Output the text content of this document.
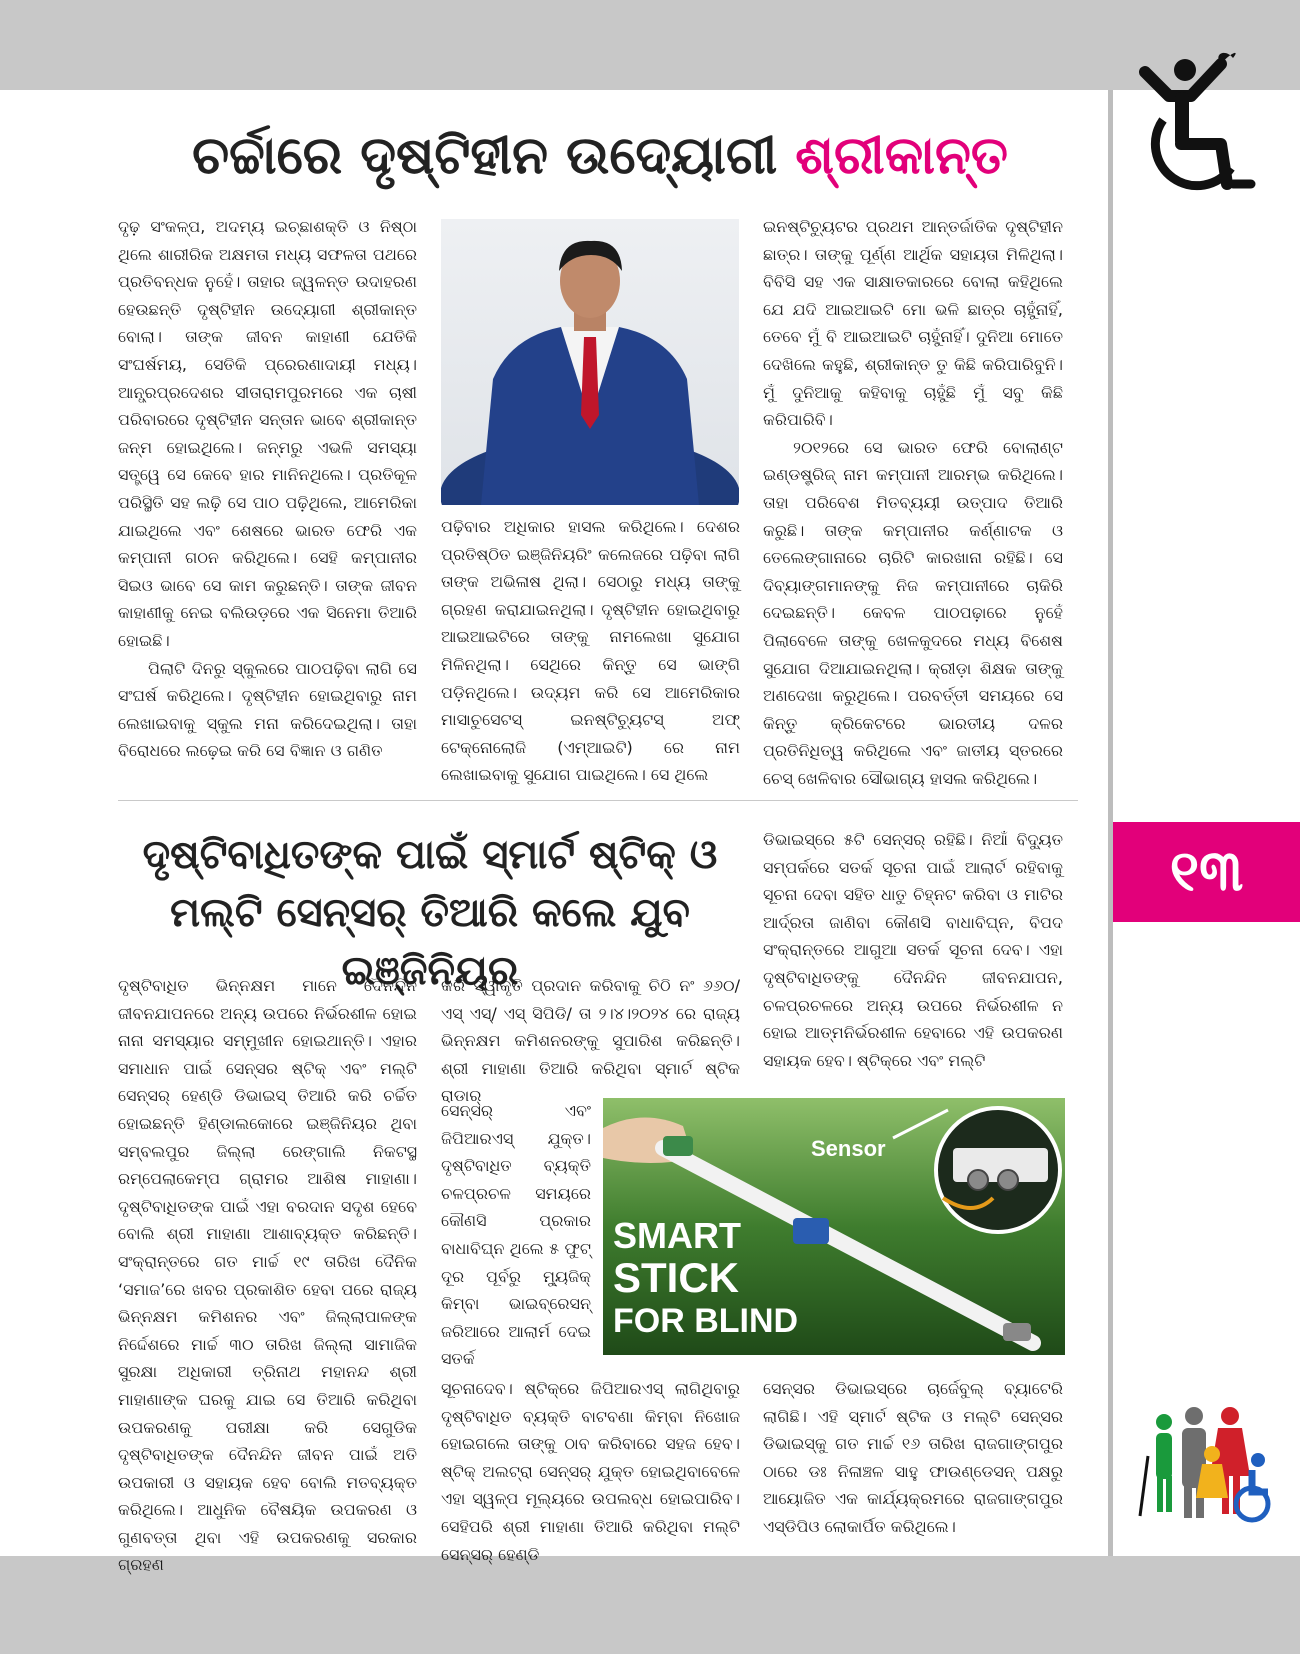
ଚର୍ଚ୍ଚାରେ ଦୃଷ୍ଟିହୀନ ଉଦ୍ୟୋଗୀ ଶ୍ରୀକାନ୍ତ

ଦୃଢ଼ ସଂକଳ୍ପ, ଅଦମ୍ୟ ଇଚ୍ଛାଶକ୍ତି ଓ ନିଷ୍ଠା ଥିଲେ ଶାରୀରିକ ଅକ୍ଷମତା ମଧ୍ୟ ସଫଳତା ପଥରେ ପ୍ରତିବନ୍ଧକ ନୁହେଁ। ତାହାର ଜ୍ୱଳନ୍ତ ଉଦାହରଣ ହେଉଛନ୍ତି ଦୃଷ୍ଟିହୀନ ଉଦ୍ୟୋଗୀ ଶ୍ରୀକାନ୍ତ ବୋଲା। ତାଙ୍କ ଜୀବନ କାହାଣୀ ଯେତିକି ସଂଘର୍ଷମୟ, ସେତିକି ପ୍ରେରଣାଦାୟୀ ମଧ୍ୟ। ଆନ୍ଧ୍ରପ୍ରଦେଶର ସୀତାରାମପୁରମରେ ଏକ ଚାଷୀ ପରିବାରରେ ଦୃଷ୍ଟିହୀନ ସନ୍ତାନ ଭାବେ ଶ୍ରୀକାନ୍ତ ଜନ୍ମ ହୋଇଥିଲେ। ଜନ୍ମରୁ ଏଭଳି ସମସ୍ୟା ସତ୍ତ୍ୱେ ସେ କେବେ ହାର ମାନିନଥିଲେ। ପ୍ରତିକୂଳ ପରିସ୍ଥିତି ସହ ଲଢ଼ି ସେ ପାଠ ପଢ଼ିଥିଲେ, ଆମେରିକା ଯାଇଥିଲେ ଏବଂ ଶେଷରେ ଭାରତ ଫେରି ଏକ କମ୍ପାନୀ ଗଠନ କରିଥିଲେ। ସେହି କମ୍ପାନୀର ସିଇଓ ଭାବେ ସେ କାମ କରୁଛନ୍ତି। ତାଙ୍କ ଜୀବନ କାହାଣୀକୁ ନେଇ ବଲିଉଡ଼ରେ ଏକ ସିନେମା ତିଆରି ହୋଇଛି।

ପିଲାଟି ଦିନରୁ ସ୍କୁଲରେ ପାଠପଢ଼ିବା ଲାଗି ସେ ସଂଘର୍ଷ କରିଥିଲେ। ଦୃଷ୍ଟିହୀନ ହୋଇଥିବାରୁ ନାମ ଲେଖାଇବାକୁ ସ୍କୁଲ ମନା କରିଦେଇଥିଲା। ତାହା ବିରୋଧରେ ଲଢ଼େଇ କରି ସେ ବିଜ୍ଞାନ ଓ ଗଣିତ

ପଢ଼ିବାର ଅଧିକାର ହାସଲ କରିଥିଲେ। ଦେଶର ପ୍ରତିଷ୍ଠିତ ଇଞ୍ଜିନିୟରିଂ କଲେଜରେ ପଢ଼ିବା ଲାଗି ତାଙ୍କ ଅଭିଳାଷ ଥିଲା। ସେଠାରୁ ମଧ୍ୟ ତାଙ୍କୁ ଗ୍ରହଣ କରାଯାଇନଥିଲା। ଦୃଷ୍ଟିହୀନ ହୋଇଥିବାରୁ ଆଇଆଇଟିରେ ତାଙ୍କୁ ନାମଲେଖା ସୁଯୋଗ ମିଳିନଥିଲା। ସେଥିରେ କିନ୍ତୁ ସେ ଭାଙ୍ଗି ପଡ଼ିନଥିଲେ। ଉଦ୍ୟମ କରି ସେ ଆମେରିକାର ମାସାଚୁସେଟସ୍ ଇନଷ୍ଟିଚ୍ୟୁଟସ୍ ଅଫ୍ ଟେକ୍ନୋଲୋଜି (ଏମ୍ଆଇଟି) ରେ ନାମ ଲେଖାଇବାକୁ ସୁଯୋଗ ପାଇଥିଲେ। ସେ ଥିଲେ

ଇନଷ୍ଟିଚ୍ୟୁଟର ପ୍ରଥମ ଆନ୍ତର୍ଜାତିକ ଦୃଷ୍ଟିହୀନ ଛାତ୍ର। ତାଙ୍କୁ ପୂର୍ଣ୍ଣ ଆର୍ଥିକ ସହାୟତା ମିଳିଥିଲା। ବିବିସି ସହ ଏକ ସାକ୍ଷାତକାରରେ ବୋଲା କହିଥିଲେ ଯେ ଯଦି ଆଇଆଇଟି ମୋ ଭଳି ଛାତ୍ର ଚାହୁଁନାହିଁ, ତେବେ ମୁଁ ବି ଆଇଆଇଟି ଚାହୁଁନାହିଁ। ଦୁନିଆ ମୋତେ ଦେଖିଲେ କହୁଛି, ଶ୍ରୀକାନ୍ତ ତୁ କିଛି କରିପାରିବୁନି। ମୁଁ ଦୁନିଆକୁ କହିବାକୁ ଚାହୁଁଛି ମୁଁ ସବୁ କିଛି କରିପାରିବି।

୨୦୧୨ରେ ସେ ଭାରତ ଫେରି ବୋଲାଣ୍ଟ ଇଣ୍ଡଷ୍ଟ୍ରିଜ୍ ନାମ କମ୍ପାନୀ ଆରମ୍ଭ କରିଥିଲେ। ତାହା ପରିବେଶ ମିତବ୍ୟୟୀ ଉତ୍ପାଦ ତିଆରି କରୁଛି। ତାଙ୍କ କମ୍ପାନୀର କର୍ଣ୍ଣାଟକ ଓ ତେଲେଙ୍ଗାନାରେ ଚାରିଟି କାରଖାନା ରହିଛି। ସେ ଦିବ୍ୟାଙ୍ଗମାନଙ୍କୁ ନିଜ କମ୍ପାନୀରେ ଚାକିରି ଦେଇଛନ୍ତି। କେବଳ ପାଠପଢ଼ାରେ ନୁହେଁ ପିଲାବେଳେ ତାଙ୍କୁ ଖେଳକୁଦରେ ମଧ୍ୟ ବିଶେଷ ସୁଯୋଗ ଦିଆଯାଇନଥିଲା। କ୍ରୀଡ଼ା ଶିକ୍ଷକ ତାଙ୍କୁ ଅଣଦେଖା କରୁଥିଲେ। ପରବର୍ତ୍ତୀ ସମୟରେ ସେ କିନ୍ତୁ କ୍ରିକେଟରେ ଭାରତୀୟ ଦଳର ପ୍ରତିନିଧିତ୍ୱ କରିଥିଲେ ଏବଂ ଜାତୀୟ ସ୍ତରରେ ଚେସ୍ ଖେଳିବାର ସୌଭାଗ୍ୟ ହାସଲ କରିଥିଲେ।

ଦୃଷ୍ଟିବାଧିତଙ୍କ ପାଇଁ ସ୍ମାର୍ଟ ଷ୍ଟିକ୍ ଓ ମଲ୍ଟି ସେନ୍ସର୍ ତିଆରି କଲେ ଯୁବ ଇଞ୍ଜିନିୟର

ଦୃଷ୍ଟିବାଧିତ ଭିନ୍ନକ୍ଷମ ମାନେ ଦୈନନ୍ଦିନ ଜୀବନଯାପନରେ ଅନ୍ୟ ଉପରେ ନିର୍ଭରଶୀଳ ହୋଇ ନାନା ସମସ୍ୟାର ସମ୍ମୁଖୀନ ହୋଇଥାନ୍ତି। ଏହାର ସମାଧାନ ପାଇଁ ସେନ୍ସର ଷ୍ଟିକ୍ ଏବଂ ମଲ୍ଟି ସେନ୍ସର୍ ହେଣ୍ଡି ଡିଭାଇସ୍ ତିଆରି କରି ଚର୍ଚ୍ଚିତ ହୋଇଛନ୍ତି ହିଣ୍ଡାଲକୋରେ ଇଞ୍ଜିନିୟର ଥିବା ସମ୍ବଲପୁର ଜିଲ୍ଲା ରେଙ୍ଗାଲି ନିକଟସ୍ଥ ରମ୍ପେଲାକେମ୍ପ ଗ୍ରାମର ଆଶିଷ ମାହାଣା। ଦୃଷ୍ଟିବାଧିତଙ୍କ ପାଇଁ ଏହା ବରଦାନ ସଦୃଶ ହେବେ ବୋଲି ଶ୍ରୀ ମାହାଣା ଆଶାବ୍ୟକ୍ତ କରିଛନ୍ତି। ସଂକ୍ରାନ୍ତରେ ଗତ ମାର୍ଚ୍ଚ ୧୯ ତାରିଖ ଦୈନିକ ‘ସମାଜ’ରେ ଖବର ପ୍ରକାଶିତ ହେବା ପରେ ରାଜ୍ୟ ଭିନ୍ନକ୍ଷମ କମିଶନର ଏବଂ ଜିଲ୍ଲାପାଳଙ୍କ ନିର୍ଦ୍ଦେଶରେ ମାର୍ଚ୍ଚ ୩୦ ତାରିଖ ଜିଲ୍ଲା ସାମାଜିକ ସୁରକ୍ଷା ଅଧିକାରୀ ତ୍ରିନାଥ ମହାନନ୍ଦ ଶ୍ରୀ ମାହାଣାଙ୍କ ଘରକୁ ଯାଇ ସେ ତିଆରି କରିଥିବା ଉପକରଣକୁ ପରୀକ୍ଷା କରି ସେଗୁଡିକ ଦୃଷ୍ଟିବାଧିତଙ୍କ ଦୈନନ୍ଦିନ ଜୀବନ ପାଇଁ ଅତି ଉପକାରୀ ଓ ସହାୟକ ହେବ ବୋଲି ମତବ୍ୟକ୍ତ କରିଥିଲେ। ଆଧୁନିକ ବୈଷୟିକ ଉପକରଣ ଓ ଗୁଣବତ୍ତା ଥିବା ଏହି ଉପକରଣକୁ ସରକାର ଗ୍ରହଣ

କରି ସ୍ୱୀକୃତି ପ୍ରଦାନ କରିବାକୁ ଚିଠି ନଂ ୬୬୦/ ଏସ୍ ଏସ୍/ ଏସ୍ ସିପିଡି/ ତା ୨।୪।୨୦୨୪ ରେ ରାଜ୍ୟ ଭିନ୍ନକ୍ଷମ କମିଶନରଙ୍କୁ ସୁପାରିଶ କରିଛନ୍ତି। ଶ୍ରୀ ମାହାଣା ତିଆରି କରିଥିବା ସ୍ମାର୍ଟ ଷ୍ଟିକ ରାଡାର୍

ସେନ୍ସର୍ ଏବଂ ଜିପିଆରଏସ୍ ଯୁକ୍ତ। ଦୃଷ୍ଟିବାଧିତ ବ୍ୟକ୍ତି ଚଳପ୍ରଚଳ ସମୟରେ କୌଣସି ପ୍ରକାର ବାଧାବିଘ୍ନ ଥିଲେ ୫ ଫୁଟ୍ ଦୂର ପୂର୍ବରୁ ମ୍ୟୁଜିକ୍ କିମ୍ବା ଭାଇବ୍ରେସନ୍ ଜରିଆରେ ଆଲାର୍ମ ଦେଇ ସତର୍କ

ସୂଚନାଦେବ। ଷ୍ଟିକ୍‌ରେ ଜିପିଆରଏସ୍ ଲାଗିଥିବାରୁ ଦୃଷ୍ଟିବାଧିତ ବ୍ୟକ୍ତି ବାଟବଣା କିମ୍ବା ନିଖୋଜ ହୋଇଗଲେ ତାଙ୍କୁ ଠାବ କରିବାରେ ସହଜ ହେବ। ଷ୍ଟିକ୍ ଅଲଟ୍ରା ସେନ୍ସର୍ ଯୁକ୍ତ ହୋଇଥିବାବେଳେ ଏହା ସ୍ୱଳ୍ପ ମୂଲ୍ୟରେ ଉପଲବ୍ଧ ହୋଇପାରିବ। ସେହିପରି ଶ୍ରୀ ମାହାଣା ତିଆରି କରିଥିବା ମଲ୍ଟି ସେନ୍ସର୍ ହେଣ୍ଡି

ଡିଭାଇସ୍‌ରେ ୫ଟି ସେନ୍ସର୍ ରହିଛି। ନିଆଁ ବିଦ୍ୟୁତ ସମ୍ପର୍କରେ ସତର୍କ ସୂଚନା ପାଇଁ ଆଲାର୍ଟ ରହିବାକୁ ସୂଚନା ଦେବା ସହିତ ଧାତୁ ଚିହ୍ନଟ କରିବା ଓ ମାଟିର ଆର୍ଦ୍ରତା ଜାଣିବା କୌଣସି ବାଧାବିଘ୍ନ, ବିପଦ ସଂକ୍ରାନ୍ତରେ ଆଗୁଆ ସତର୍କ ସୂଚନା ଦେବ। ଏହା ଦୃଷ୍ଟିବାଧିତଙ୍କୁ ଦୈନନ୍ଦିନ ଜୀବନଯାପନ, ଚଳପ୍ରଚଳରେ ଅନ୍ୟ ଉପରେ ନିର୍ଭରଶୀଳ ନ ହୋଇ ଆତ୍ମନିର୍ଭରଶୀଳ ହେବାରେ ଏହି ଉପକରଣ ସହାୟକ ହେବ। ଷ୍ଟିକ୍‌ରେ ଏବଂ ମଲ୍ଟି

ସେନ୍ସର ଡିଭାଇସ୍‌ରେ ଚାର୍ଜେବୁଲ୍ ବ୍ୟାଟେରି ଲାଗିଛି। ଏହି ସ୍ମାର୍ଟ ଷ୍ଟିକ ଓ ମଲ୍ଟି ସେନ୍ସର ଡିଭାଇସ୍‌କୁ ଗତ ମାର୍ଚ୍ଚ ୧୬ ତାରିଖ ରାଜଗାଙ୍ଗପୁର ଠାରେ ଡଃ ନିଳାଞ୍ଚଳ ସାହୁ ଫାଉଣ୍ଡେସନ୍ ପକ୍ଷରୁ ଆୟୋଜିତ ଏକ କାର୍ଯ୍ୟକ୍ରମରେ ରାଜଗାଙ୍ଗପୁର ଏସ୍‌ଡିପିଓ ଲୋକାର୍ପିତ କରିଥିଲେ।

Sensor
SMART
STICK
FOR BLIND
୧୩
